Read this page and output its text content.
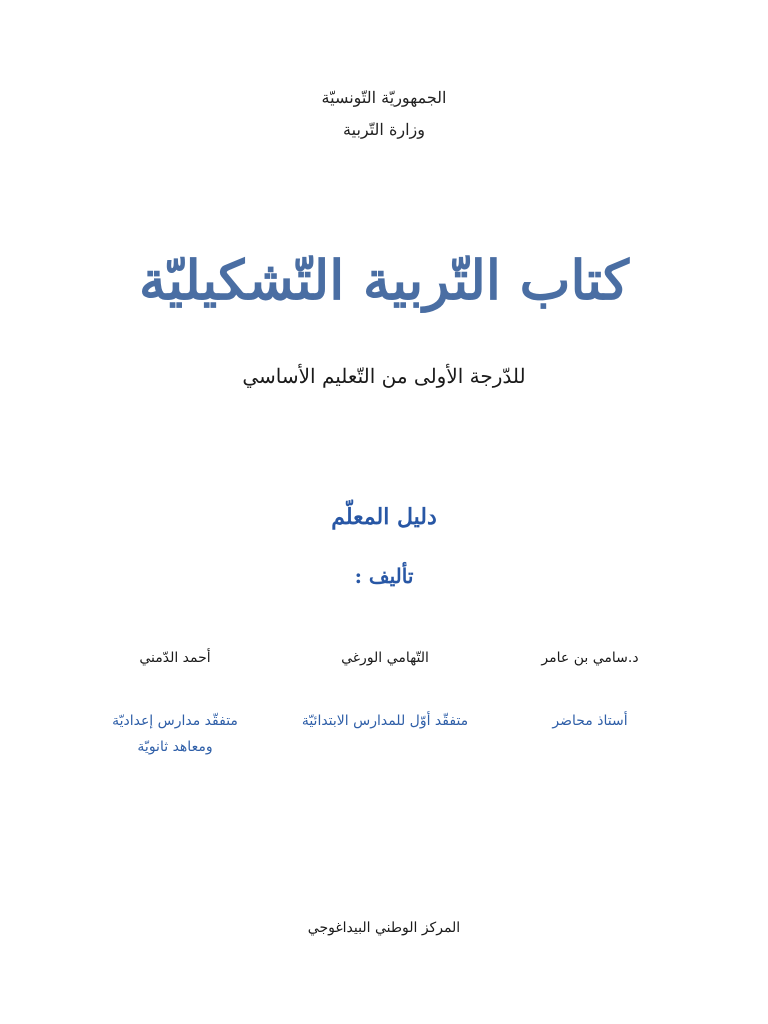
الجمهوريّة التّونسيّة
وزارة التّربية
كتاب التّربية التّشكيليّة
للدّرجة الأولى من التّعليم الأساسي
دليل المعلّم
تأليف :
د.سامي بن عامر
التّهامي الورغي
أحمد الدّمني
أستاذ محاضر
متفقّد أوّل للمدارس الابتدائيّة
متفقّد مدارس إعداديّة
ومعاهد ثانويّة
المركز الوطني البيداغوجي
